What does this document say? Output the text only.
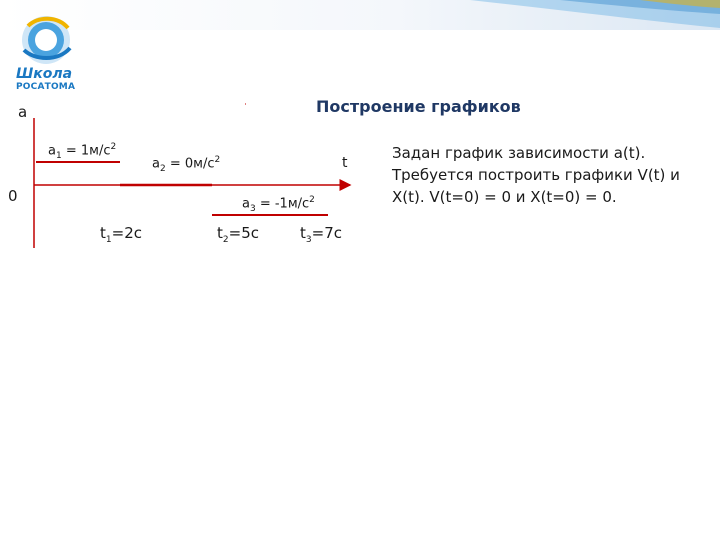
Школа
РОСАТОМА
Построение графиков
a
0
t
$a_1 = 1м/с^2$
$a_2 = 0м/с^2$
$a_3 = -1м/с^2$
$t_1=2с$	$t_2=5с$	$t_3=7с$
Задан график зависимости a(t). Требуется построить графики V(t) и X(t). V(t=0) = 0 и X(t=0) = 0.
